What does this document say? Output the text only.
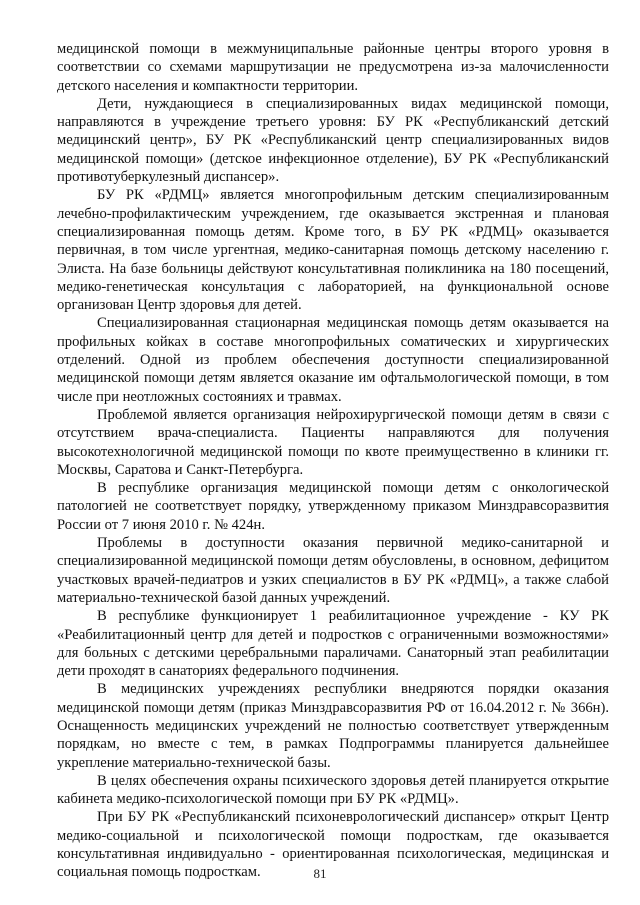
медицинской помощи в межмуниципальные районные центры второго уровня в соответствии со схемами маршрутизации не предусмотрена из-за малочисленности детского населения и компактности территории.

Дети, нуждающиеся в специализированных видах медицинской помощи, направляются в учреждение третьего уровня: БУ РК «Республиканский детский медицинский центр», БУ РК «Республиканский центр специализированных видов медицинской помощи» (детское инфекционное отделение), БУ РК «Республиканский противотуберкулезный диспансер».

БУ РК «РДМЦ» является многопрофильным детским специализированным лечебно-профилактическим учреждением, где оказывается экстренная и плановая специализированная помощь детям. Кроме того, в БУ РК «РДМЦ» оказывается первичная, в том числе ургентная, медико-санитарная помощь детскому населению г. Элиста. На базе больницы действуют консультативная поликлиника на 180 посещений, медико-генетическая консультация с лабораторией, на функциональной основе организован Центр здоровья для детей.

Специализированная стационарная медицинская помощь детям оказывается на профильных койках в составе многопрофильных соматических и хирургических отделений. Одной из проблем обеспечения доступности специализированной медицинской помощи детям является оказание им офтальмологической помощи, в том числе при неотложных состояниях и травмах.

Проблемой является организация нейрохирургической помощи детям в связи с отсутствием врача-специалиста. Пациенты направляются для получения высокотехнологичной медицинской помощи по квоте преимущественно в клиники гг. Москвы, Саратова и Санкт-Петербурга.

В республике организация медицинской помощи детям с онкологической патологией не соответствует порядку, утвержденному приказом Минздравсоразвития России от 7 июня 2010 г. № 424н.

Проблемы в доступности оказания первичной медико-санитарной и специализированной медицинской помощи детям обусловлены, в основном, дефицитом участковых врачей-педиатров и узких специалистов в БУ РК «РДМЦ», а также слабой материально-технической базой данных учреждений.

В республике функционирует 1 реабилитационное учреждение - КУ РК «Реабилитационный центр для детей и подростков с ограниченными возможностями» для больных с детскими церебральными параличами. Санаторный этап реабилитации дети проходят в санаториях федерального подчинения.

В медицинских учреждениях республики внедряются порядки оказания медицинской помощи детям (приказ Минздравсоразвития РФ от 16.04.2012 г. № 366н). Оснащенность медицинских учреждений не полностью соответствует утвержденным порядкам, но вместе с тем, в рамках Подпрограммы планируется дальнейшее укрепление материально-технической базы.

В целях обеспечения охраны психического здоровья детей планируется открытие кабинета медико-психологической помощи при БУ РК «РДМЦ».

При БУ РК «Республиканский психоневрологический диспансер» открыт Центр медико-социальной и психологической помощи подросткам, где оказывается консультативная индивидуально - ориентированная психологическая, медицинская и социальная помощь подросткам.	81
